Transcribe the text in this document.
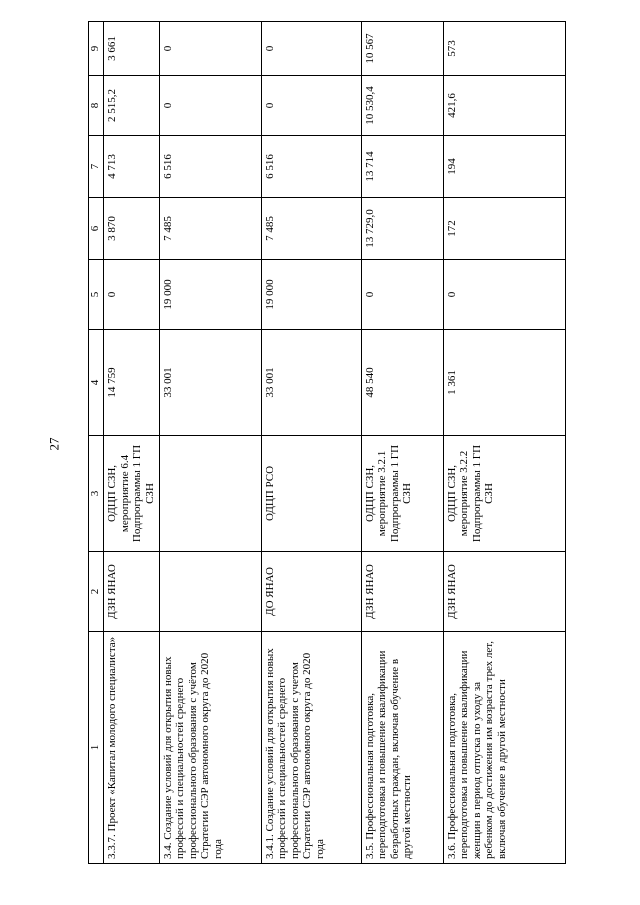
27
1	2	3	4	5	6	7	8	9
3.3.7. Проект «Капитал молодого специалиста»	ДЗН ЯНАО	ОДЦП СЗН, мероприятие 6.4 Подпрограммы 1 ГП СЗН	14 759	0	3 870	4 713	2 515,2	3 661
3.4. Создание условий для открытия новых профессий и специальностей среднего профессионального образования с учётом Стратегии СЭР автономного округа до 2020 года			33 001	19 000	7 485	6 516	0	0
3.4.1. Создание условий для открытия новых профессий и специальностей среднего профессионального образования с учетом Стратегии СЭР автономного округа до 2020 года	ДО ЯНАО	ОДЦП РСО	33 001	19 000	7 485	6 516	0	0
3.5. Профессиональная подготовка, переподготовка и повышение квалификации безработных граждан, включая обучение в другой местности	ДЗН ЯНАО	ОДЦП СЗН, мероприятие 3.2.1 Подпрограммы 1 ГП СЗН	48 540	0	13 729,0	13 714	10 530,4	10 567
3.6. Профессиональная подготовка, переподготовка и повышение квалификации женщин в период отпуска по уходу за ребенком до достижения им возраста трех лет, включая обучение в другой местности	ДЗН ЯНАО	ОДЦП СЗН, мероприятие 3.2.2 Подпрограммы 1 ГП СЗН	1 361	0	172	194	421,6	573
